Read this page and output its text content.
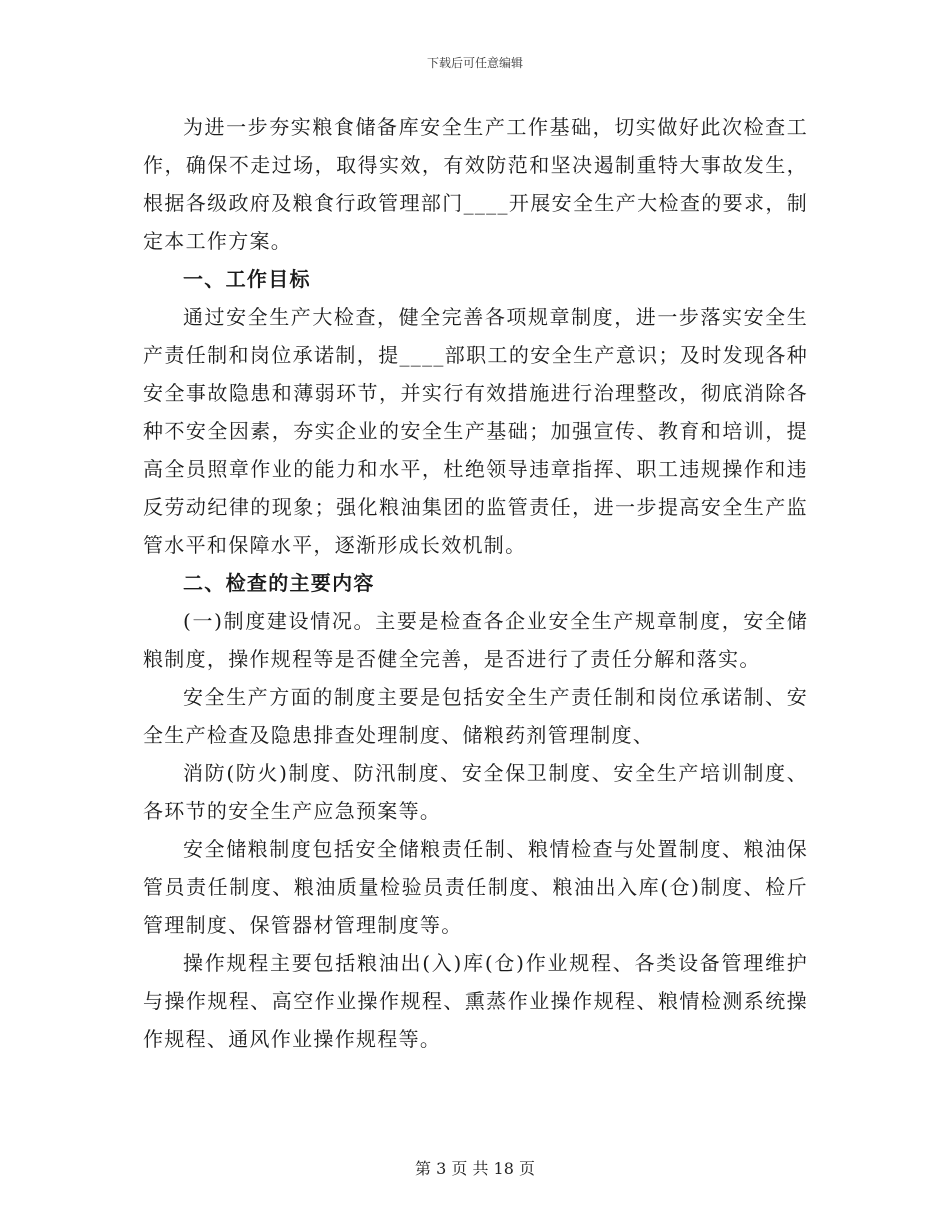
下载后可任意编辑

为进一步夯实粮食储备库安全生产工作基础，切实做好此次检查工作，确保不走过场，取得实效，有效防范和坚决遏制重特大事故发生，根据各级政府及粮食行政管理部门____开展安全生产大检查的要求，制定本工作方案。

一、工作目标

通过安全生产大检查，健全完善各项规章制度，进一步落实安全生产责任制和岗位承诺制，提____部职工的安全生产意识；及时发现各种安全事故隐患和薄弱环节，并实行有效措施进行治理整改，彻底消除各种不安全因素，夯实企业的安全生产基础；加强宣传、教育和培训，提高全员照章作业的能力和水平，杜绝领导违章指挥、职工违规操作和违反劳动纪律的现象；强化粮油集团的监管责任，进一步提高安全生产监管水平和保障水平，逐渐形成长效机制。

二、检查的主要内容

(一)制度建设情况。主要是检查各企业安全生产规章制度，安全储粮制度，操作规程等是否健全完善，是否进行了责任分解和落实。

安全生产方面的制度主要是包括安全生产责任制和岗位承诺制、安全生产检查及隐患排查处理制度、储粮药剂管理制度、

消防(防火)制度、防汛制度、安全保卫制度、安全生产培训制度、各环节的安全生产应急预案等。

安全储粮制度包括安全储粮责任制、粮情检查与处置制度、粮油保管员责任制度、粮油质量检验员责任制度、粮油出入库(仓)制度、检斤管理制度、保管器材管理制度等。

操作规程主要包括粮油出(入)库(仓)作业规程、各类设备管理维护与操作规程、高空作业操作规程、熏蒸作业操作规程、粮情检测系统操作规程、通风作业操作规程等。

第 3 页 共 18 页
